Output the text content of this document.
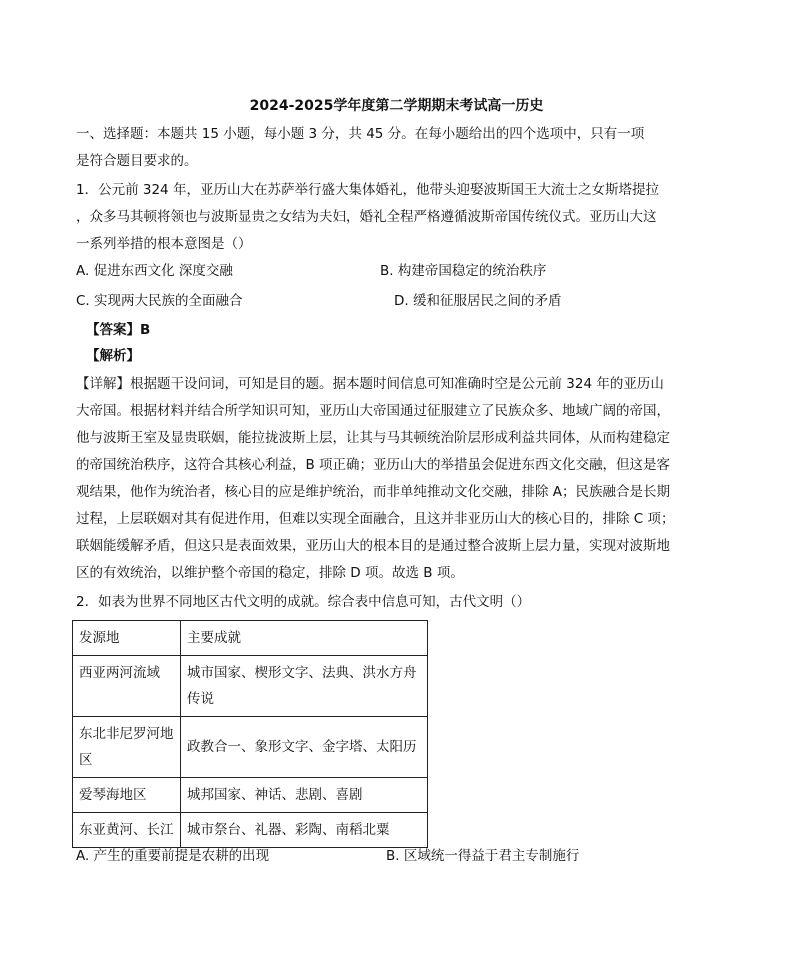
2024-2025学年度第二学期期末考试高一历史
一、选择题：本题共 15 小题，每小题 3 分，共 45 分。在每小题给出的四个选项中，只有一项
是符合题目要求的。
1．公元前 324 年，亚历山大在苏萨举行盛大集体婚礼，他带头迎娶波斯国王大流士之女斯塔提拉
，众多马其顿将领也与波斯显贵之女结为夫妇，婚礼全程严格遵循波斯帝国传统仪式。亚历山大这
一系列举措的根本意图是（）
A. 促进东西文化 深度交融	B. 构建帝国稳定的统治秩序
C. 实现两大民族的全面融合	D. 缓和征服居民之间的矛盾
【答案】B
【解析】
【详解】根据题干设问词，可知是目的题。据本题时间信息可知准确时空是公元前 324 年的亚历山
大帝国。根据材料并结合所学知识可知，亚历山大帝国通过征服建立了民族众多、地域广阔的帝国，
他与波斯王室及显贵联姻，能拉拢波斯上层，让其与马其顿统治阶层形成利益共同体，从而构建稳定
的帝国统治秩序，这符合其核心利益，B 项正确；亚历山大的举措虽会促进东西文化交融，但这是客
观结果，他作为统治者，核心目的应是维护统治，而非单纯推动文化交融，排除 A；民族融合是长期
过程，上层联姻对其有促进作用，但难以实现全面融合，且这并非亚历山大的核心目的，排除 C 项；
联姻能缓解矛盾，但这只是表面效果，亚历山大的根本目的是通过整合波斯上层力量，实现对波斯地
区的有效统治，以维护整个帝国的稳定，排除 D 项。故选 B 项。
2．如表为世界不同地区古代文明的成就。综合表中信息可知，古代文明（）
发源地	主要成就
西亚两河流域	城市国家、楔形文字、法典、洪水方舟传说
东北非尼罗河地区	政教合一、象形文字、金字塔、太阳历
爱琴海地区	城邦国家、神话、悲剧、喜剧
东亚黄河、长江	城市祭台、礼器、彩陶、南稻北粟
A. 产生的重要前提是农耕的出现	B. 区域统一得益于君主专制施行
